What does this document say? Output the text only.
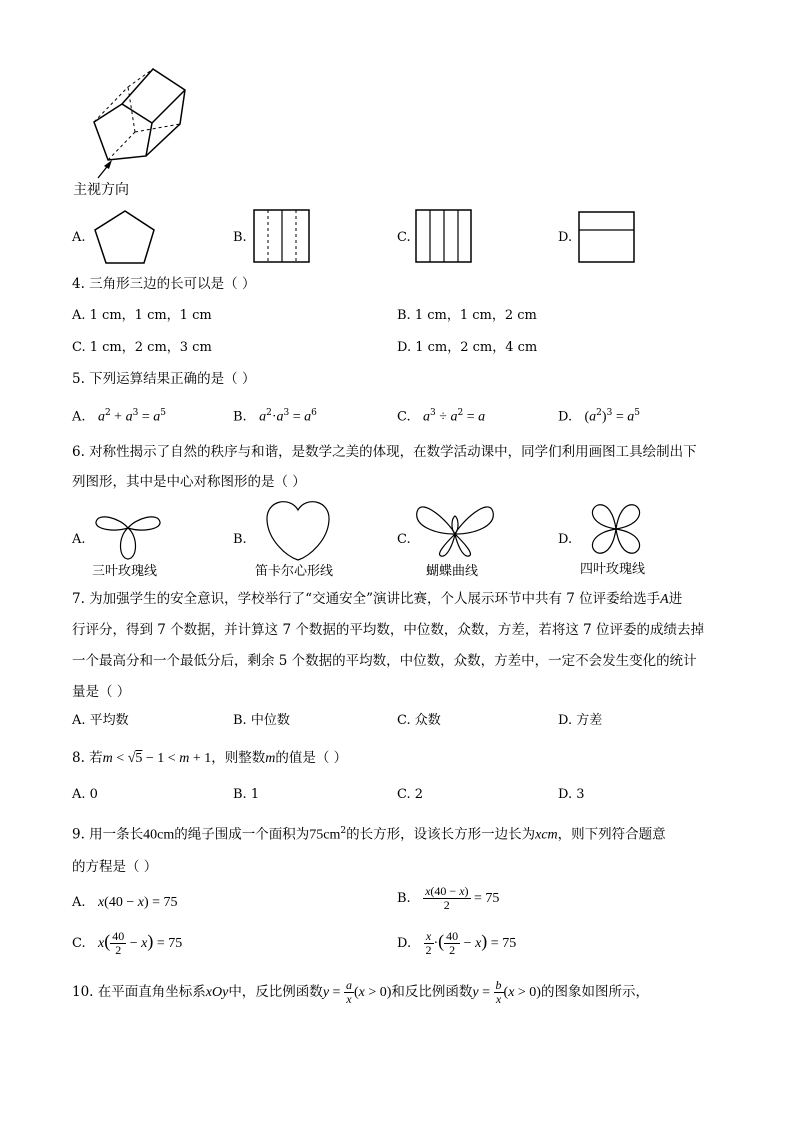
主视方向
A.	B.	C.	D.
4. 三角形三边的长可以是（ ）
A. 1 cm，1 cm，1 cm	B. 1 cm，1 cm，2 cm
C. 1 cm，2 cm，3 cm	D. 1 cm，2 cm，4 cm
5. 下列运算结果正确的是（ ）
A. $a^2 + a^3 = a^5$	B. $a^2\cdot a^3 = a^6$	C. $a^3 \div a^2 = a$	D. $(a^2)^3 = a^5$
6. 对称性揭示了自然的秩序与和谐，是数学之美的体现，在数学活动课中，同学们利用画图工具绘制出下
列图形，其中是中心对称图形的是（ ）
A.
三叶玫瑰线
B.
笛卡尔心形线
C.
蝴蝶曲线
D.
四叶玫瑰线
7. 为加强学生的安全意识，学校举行了“交通安全”演讲比赛，个人展示环节中共有 7 位评委给选手A进
行评分，得到 7 个数据，并计算这 7 个数据的平均数，中位数，众数，方差，若将这 7 位评委的成绩去掉
一个最高分和一个最低分后，剩余 5 个数据的平均数，中位数，众数，方差中，一定不会发生变化的统计
量是（ ）
A. 平均数	B. 中位数	C. 众数	D. 方差
8. 若m < √5 − 1 < m + 1，则整数m的值是（ ）
A. 0	B. 1	C. 2	D. 3
9. 用一条长40cm的绳子围成一个面积为$75cm^2$的长方形，设该长方形一边长为xcm，则下列符合题意
的方程是（ ）
A. x(40 − x) = 75	B. $\frac{x(40 - x)}{2} = 75$
C. $x( \frac{40}{2} - x) = 75$	D. $\frac{x}{2}$ ·( $\frac{40}{2} - x) = 75$
10. 在平面直角坐标系xOy中，反比例函数$y = \frac{a}{x} (x > 0)$和反比例函数$y = \frac{b}{x} (x > 0)$的图象如图所示，
